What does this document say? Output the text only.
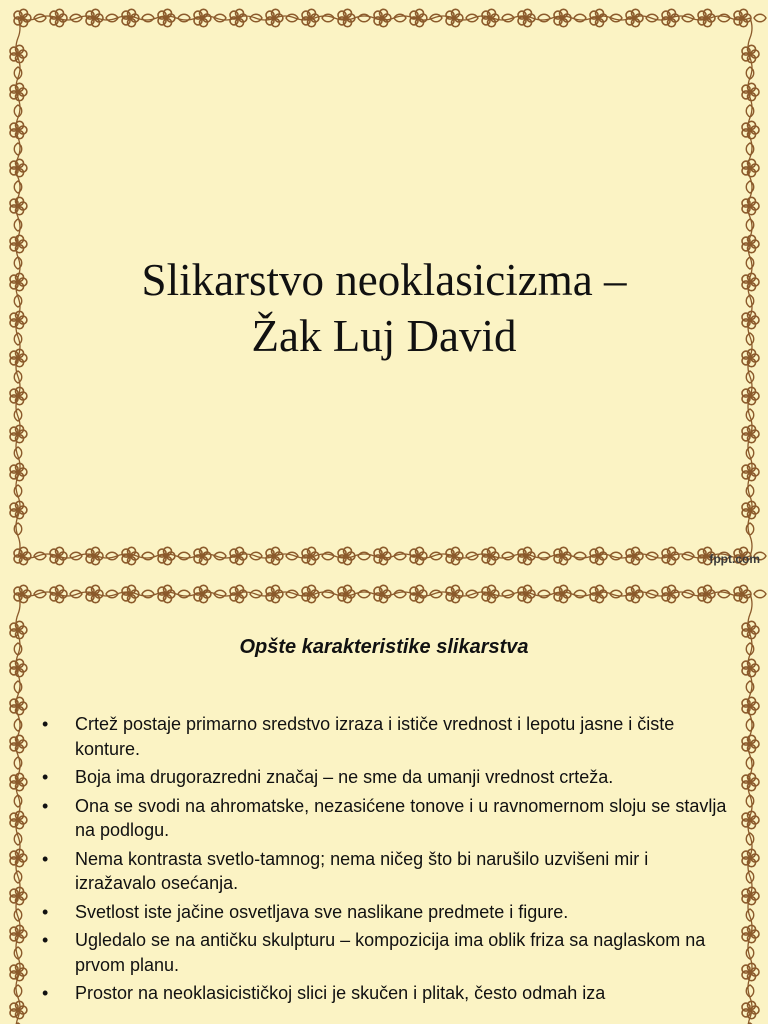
Slikarstvo neoklasicizma –
Žak Luj David
fppt.com
Opšte karakteristike slikarstva
• Crtež postaje primarno sredstvo izraza i ističe vrednost i lepotu jasne i čiste konture.
• Boja ima drugorazredni značaj – ne sme da umanji vrednost crteža.
• Ona se svodi na ahromatske, nezasićene tonove i u ravnomernom sloju se stavlja na podlogu.
• Nema kontrasta svetlo-tamnog; nema ničeg što bi narušilo uzvišeni mir i izražavalo osećanja.
• Svetlost iste jačine osvetljava sve naslikane predmete i figure.
• Ugledalo se na antičku skulpturu – kompozicija ima oblik friza sa naglaskom na prvom planu.
• Prostor na neoklasicističkoj slici je skučen i plitak, često odmah iza
